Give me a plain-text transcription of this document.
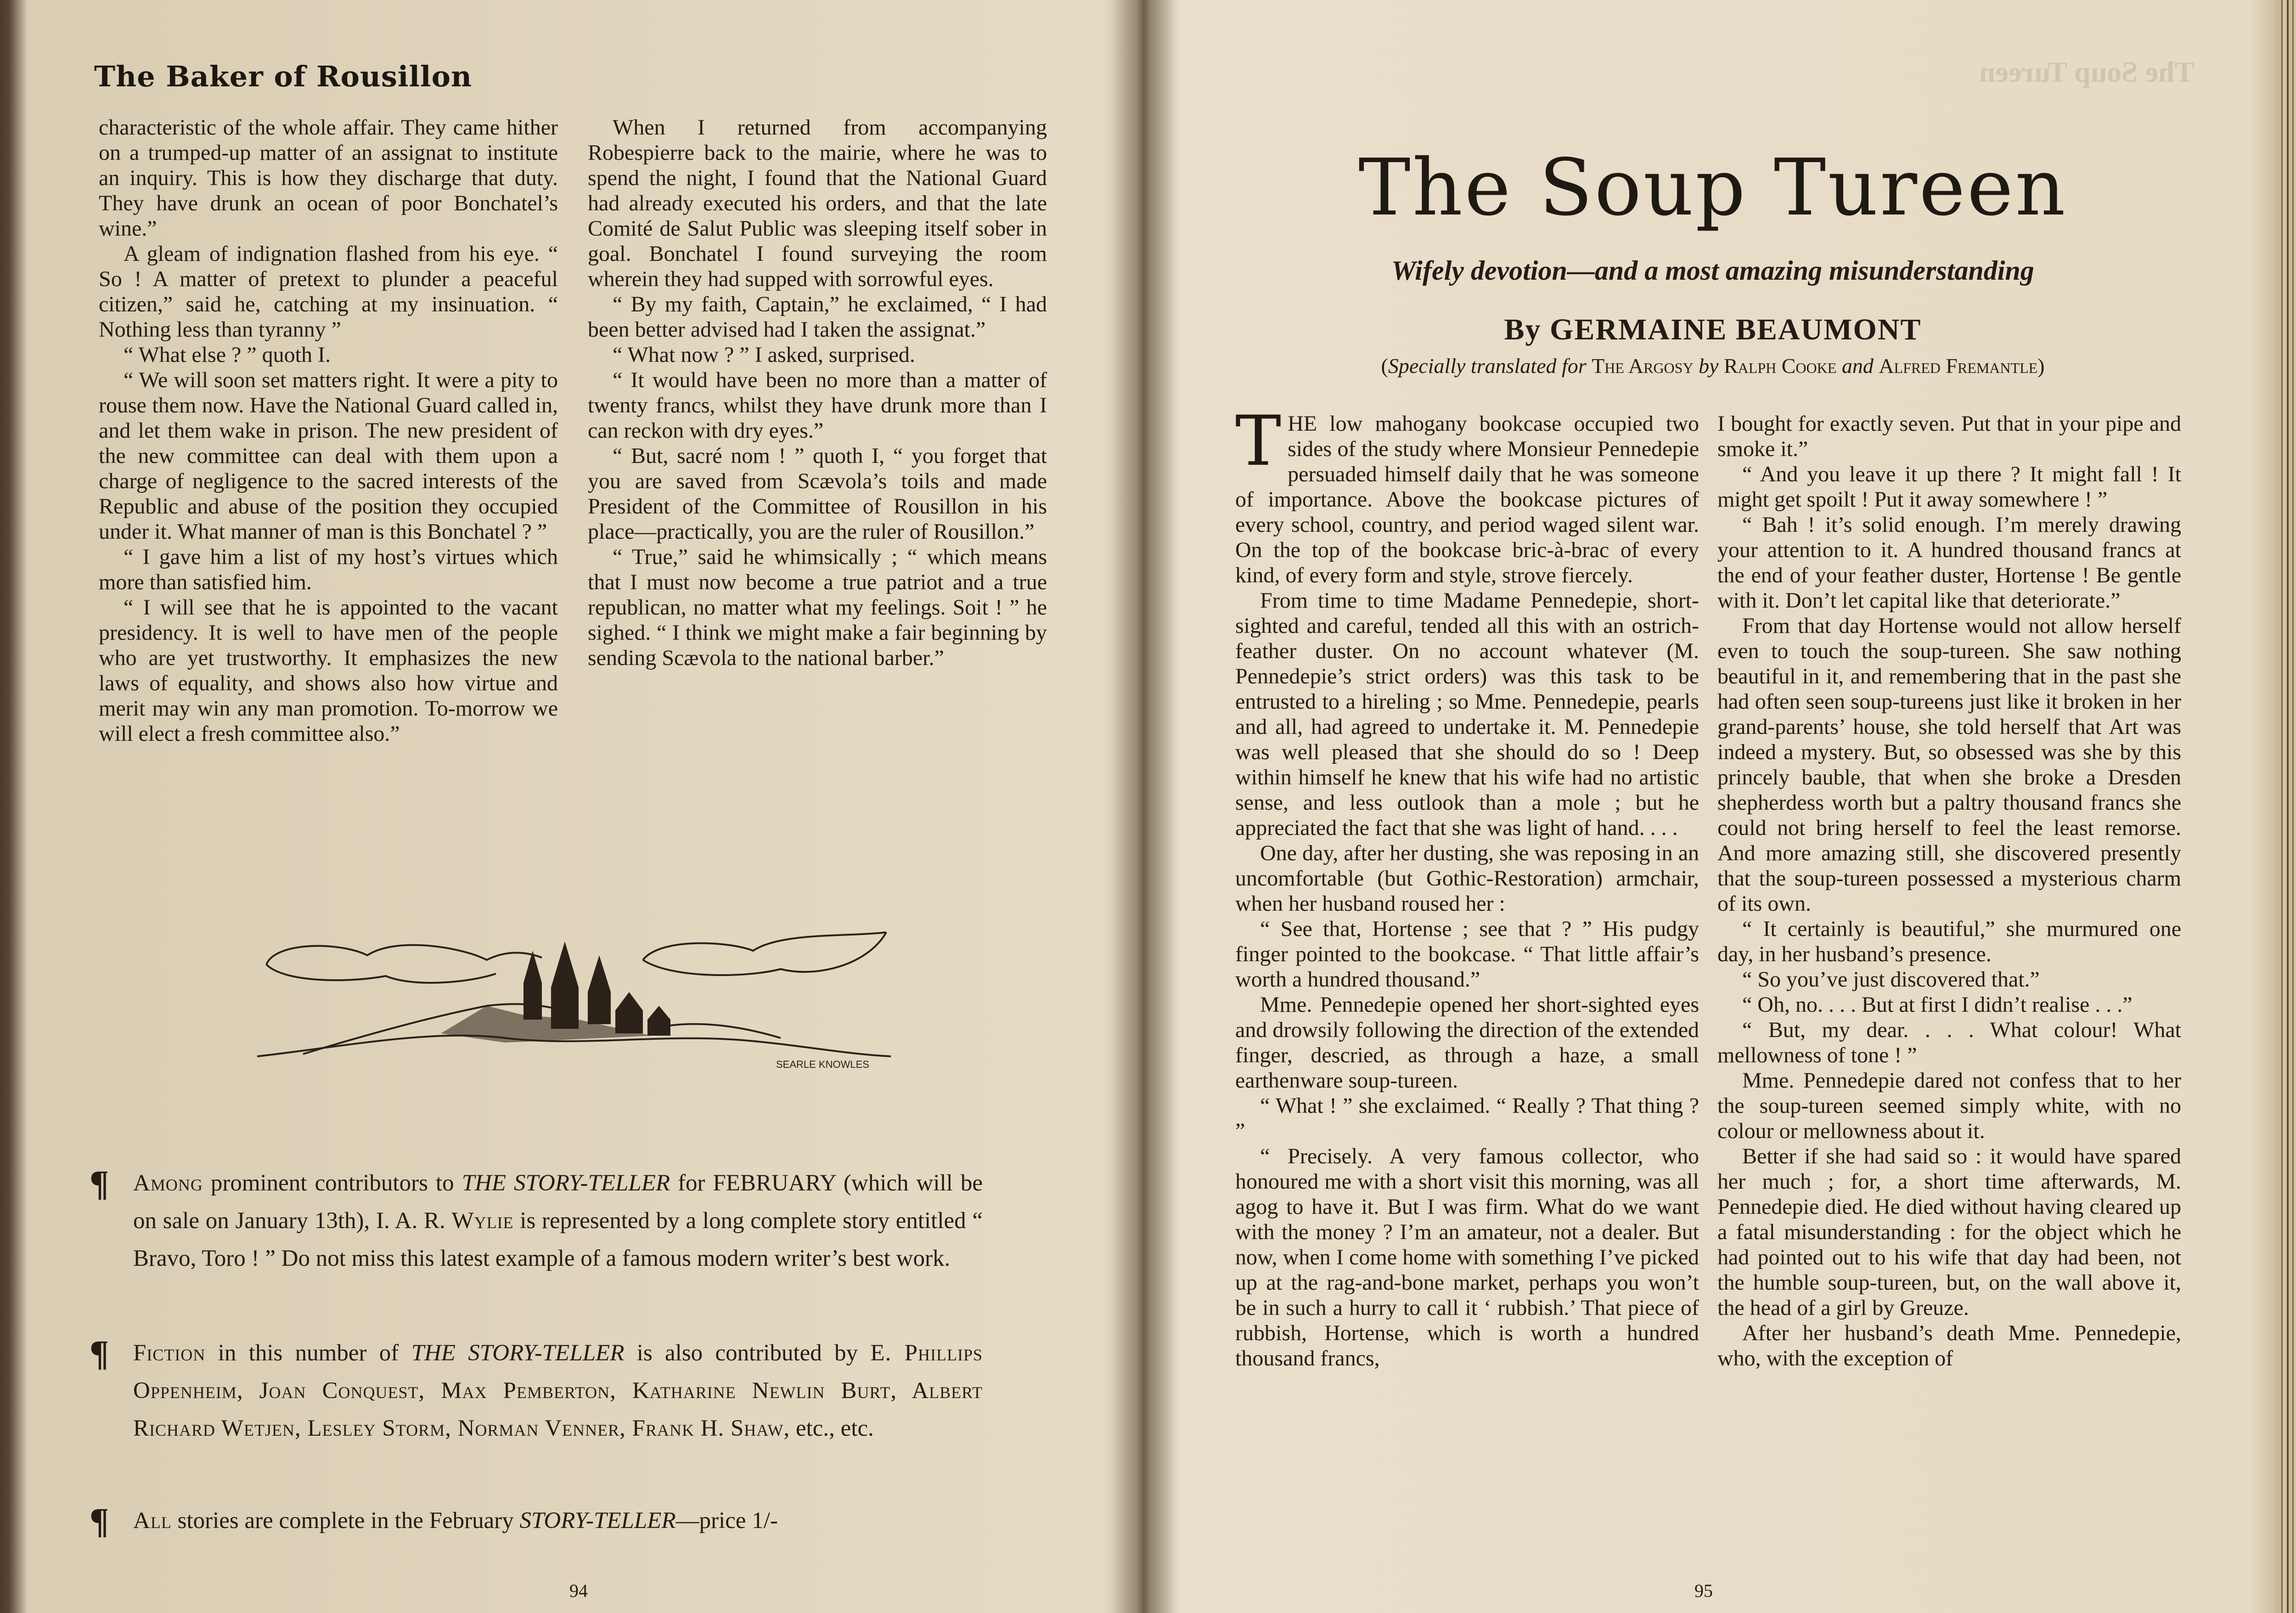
The Baker of Rousillon

characteristic of the whole affair. They came hither on a trumped-up matter of an assignat to institute an inquiry. This is how they discharge that duty. They have drunk an ocean of poor Bonchatel’s wine.”

A gleam of indignation flashed from his eye. “ So ! A matter of pretext to plunder a peaceful citizen,” said he, catching at my insinuation. “ Nothing less than tyranny ”

“ What else ? ” quoth I.

“ We will soon set matters right. It were a pity to rouse them now. Have the National Guard called in, and let them wake in prison. The new president of the new committee can deal with them upon a charge of negligence to the sacred interests of the Republic and abuse of the position they occupied under it. What manner of man is this Bonchatel ? ”

“ I gave him a list of my host’s virtues which more than satisfied him.

“ I will see that he is appointed to the vacant presidency. It is well to have men of the people who are yet trustworthy. It emphasizes the new laws of equality, and shows also how virtue and merit may win any man promotion. To-morrow we will elect a fresh committee also.”

When I returned from accompanying Robespierre back to the mairie, where he was to spend the night, I found that the National Guard had already executed his orders, and that the late Comité de Salut Public was sleeping itself sober in goal. Bonchatel I found surveying the room wherein they had supped with sorrowful eyes.

“ By my faith, Captain,” he exclaimed, “ I had been better advised had I taken the assignat.”

“ What now ? ” I asked, surprised.

“ It would have been no more than a matter of twenty francs, whilst they have drunk more than I can reckon with dry eyes.”

“ But, sacré nom ! ” quoth I, “ you forget that you are saved from Scævola’s toils and made President of the Committee of Rousillon in his place—practically, you are the ruler of Rousillon.”

“ True,” said he whimsically ; “ which means that I must now become a true patriot and a true republican, no matter what my feelings. Soit ! ” he sighed. “ I think we might make a fair beginning by sending Scævola to the national barber.”

SEARLE KNOWLES
¶ Among prominent contributors to THE STORY-TELLER for FEBRUARY (which will be on sale on January 13th), I. A. R. Wylie is represented by a long complete story entitled “ Bravo, Toro ! ” Do not miss this latest example of a famous modern writer’s best work.
¶ Fiction in this number of THE STORY-TELLER is also contributed by E. Phillips Oppenheim, Joan Conquest, Max Pemberton, Katharine Newlin Burt, Albert Richard Wetjen, Lesley Storm, Norman Venner, Frank H. Shaw, etc., etc.
¶ All stories are complete in the February STORY-TELLER—price 1/-
94
The Soup Tureen
The Soup Tureen
Wifely devotion—and a most amazing misunderstanding
By GERMAINE BEAUMONT
(Specially translated for The Argosy by Ralph Cooke and Alfred Fremantle)

THE low mahogany bookcase occupied two sides of the study where Monsieur Pennedepie persuaded himself daily that he was someone of importance. Above the bookcase pictures of every school, country, and period waged silent war. On the top of the bookcase bric-à-brac of every kind, of every form and style, strove fiercely.

From time to time Madame Pennedepie, short-sighted and careful, tended all this with an ostrich-feather duster. On no account whatever (M. Pennedepie’s strict orders) was this task to be entrusted to a hireling ; so Mme. Pennedepie, pearls and all, had agreed to undertake it. M. Pennedepie was well pleased that she should do so ! Deep within himself he knew that his wife had no artistic sense, and less outlook than a mole ; but he appreciated the fact that she was light of hand. . . .

One day, after her dusting, she was reposing in an uncomfortable (but Gothic-Restoration) armchair, when her husband roused her :

“ See that, Hortense ; see that ? ” His pudgy finger pointed to the bookcase. “ That little affair’s worth a hundred thousand.”

Mme. Pennedepie opened her short-sighted eyes and drowsily following the direction of the extended finger, descried, as through a haze, a small earthenware soup-tureen.

“ What ! ” she exclaimed. “ Really ? That thing ? ”

“ Precisely. A very famous collector, who honoured me with a short visit this morning, was all agog to have it. But I was firm. What do we want with the money ? I’m an amateur, not a dealer. But now, when I come home with something I’ve picked up at the rag-and-bone market, perhaps you won’t be in such a hurry to call it ‘ rubbish.’ That piece of rubbish, Hortense, which is worth a hundred thousand francs,

I bought for exactly seven. Put that in your pipe and smoke it.”

“ And you leave it up there ? It might fall ! It might get spoilt ! Put it away somewhere ! ”

“ Bah ! it’s solid enough. I’m merely drawing your attention to it. A hundred thousand francs at the end of your feather duster, Hortense ! Be gentle with it. Don’t let capital like that deteriorate.”

From that day Hortense would not allow herself even to touch the soup-tureen. She saw nothing beautiful in it, and remembering that in the past she had often seen soup-tureens just like it broken in her grand-parents’ house, she told herself that Art was indeed a mystery. But, so obsessed was she by this princely bauble, that when she broke a Dresden shepherdess worth but a paltry thousand francs she could not bring herself to feel the least remorse. And more amazing still, she discovered presently that the soup-tureen possessed a mysterious charm of its own.

“ It certainly is beautiful,” she murmured one day, in her husband’s presence.

“ So you’ve just discovered that.”

“ Oh, no. . . . But at first I didn’t realise . . .”

“ But, my dear. . . . What colour! What mellowness of tone ! ”

Mme. Pennedepie dared not confess that to her the soup-tureen seemed simply white, with no colour or mellowness about it.

Better if she had said so : it would have spared her much ; for, a short time afterwards, M. Pennedepie died. He died without having cleared up a fatal misunderstanding : for the object which he had pointed out to his wife that day had been, not the humble soup-tureen, but, on the wall above it, the head of a girl by Greuze.

After her husband’s death Mme. Pennedepie, who, with the exception of

95
